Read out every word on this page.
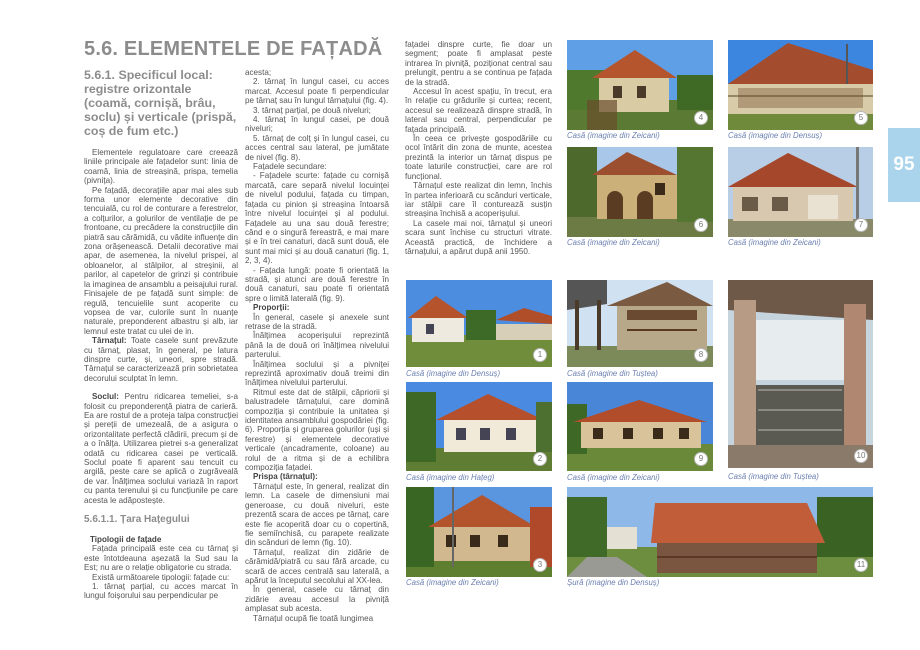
95
5.6. ELEMENTELE DE FAȚADĂ
5.6.1. Specificul local: registre orizontale (coamă, cornișă, brâu, soclu) și verticale (prispă, coș de fum etc.)

Elementele regulatoare care creează liniile principale ale fațadelor sunt: linia de coamă, linia de streașină, prispa, temelia (pivnița).

Pe fațadă, decorațiile apar mai ales sub forma unor elemente decorative din tencuială, cu rol de conturare a ferestrelor, a colțurilor, a golurilor de ventilație de pe frontoane, cu precădere la construcțiile din piatră sau cărămidă, cu vădite influențe din zona orășenească. Detalii decorative mai apar, de asemenea, la nivelul prispei, al obloanelor, al stâlpilor, al streșinii, al parilor, al capetelor de grinzi și contribuie la imaginea de ansamblu a peisajului rural. Finisajele de pe fațadă sunt simple: de regulă, tencuielile sunt acoperite cu vopsea de var, culorile sunt în nuanțe naturale, preponderent albastru și alb, iar lemnul este tratat cu ulei de in.

Târnațul: Toate casele sunt prevăzute cu târnaț, plasat, în general, pe latura dinspre curte, și, uneori, spre stradă. Târnațul se caracterizează prin sobrietatea decorului sculptat în lemn.

Soclul: Pentru ridicarea temeliei, s-a folosit cu preponderență piatra de carieră. Ea are rostul de a proteja talpa construcției și pereții de umezeală, de a asigura o orizontalitate perfectă clădirii, precum și de a o înălța. Utilizarea pietrei s-a generalizat odată cu ridicarea casei pe verticală. Soclul poate fi aparent sau tencuit cu argilă, peste care se aplică o zugrăveală de var. Înălțimea soclului variază în raport cu panta terenului și cu funcțiunile pe care acesta le adăpostește.

5.6.1.1. Țara Hațegului

Tipologii de fațade

Fațada principală este cea cu târnaț și este întotdeauna așezată la Sud sau la Est; nu are o relație obligatorie cu strada.

Există următoarele tipologii: fațade cu:

1. târnaț parțial, cu acces marcat în lungul foișorului sau perpendicular pe

acesta;

2. târnaț în lungul casei, cu acces marcat. Accesul poate fi perpendicular pe târnaț sau în lungul târnațului (fig. 4).

3. târnaț parțial, pe două niveluri;

4. târnaț în lungul casei, pe două niveluri;

5. târnaț de colț și în lungul casei, cu acces central sau lateral, pe jumătate de nivel (fig. 8).

Fațadele secundare:

- Fațadele scurte: fațade cu cornișă marcată, care separă nivelul locuinței de nivelul podului, fațada cu timpan, fațada cu pinion și streașina întoarsă între nivelul locuinței și al podului. Fațadele au una sau două ferestre; când e o singură fereastră, e mai mare și e în trei canaturi, dacă sunt două, ele sunt mai mici și au două canaturi (fig. 1, 2, 3, 4).

- Fațada lungă: poate fi orientată la stradă, și atunci are două ferestre în două canaturi, sau poate fi orientată spre o limită laterală (fig. 9).

Proporții:

În general, casele și anexele sunt retrase de la stradă.

Înălțimea acoperișului reprezintă până la de două ori înălțimea nivelului parterului.

Înălțimea soclului și a pivniței reprezintă aproximativ două treimi din înălțimea nivelului parterului.

Ritmul este dat de stâlpii, căpriorii și balustradele târnațului, care domină compoziția și contribuie la unitatea și identitatea ansamblului gospodăriei (fig. 6). Proporția și gruparea golurilor (uși și ferestre) și elementele decorative verticale (ancadramente, coloane) au rolul de a ritma și de a echilibra compoziția fațadei.

Prispa (târnațul):

Târnațul este, în general, realizat din lemn. La casele de dimensiuni mai generoase, cu două niveluri, este prezentă scara de acces pe târnaț, care este fie acoperită doar cu o copertină, fie semiînchisă, cu parapete realizate din scânduri de lemn (fig. 10).

Târnațul, realizat din zidărie de cărămidă/piatră cu sau fără arcade, cu scară de acces centrală sau laterală, a apărut la începutul secolului al XX-lea.

În general, casele cu târnaț din zidărie aveau accesul la pivniță amplasat sub acesta.

Târnațul ocupă fie toată lungimea

fațadei dinspre curte, fie doar un segment; poate fi amplasat peste intrarea în pivniță, poziționat central sau prelungit, pentru a se continua pe fațada de la stradă.

Accesul în acest spațiu, în trecut, era în relație cu grădurile și curtea; recent, accesul se realizează dinspre stradă, în lateral sau central, perpendicular pe fațada principală.

În ceea ce privește gospodăriile cu ocol întărit din zona de munte, acestea prezintă la interior un târnaț dispus pe toate laturile construcției, care are rol funcțional.

Târnațul este realizat din lemn, închis în partea inferioară cu scânduri verticale, iar stâlpii care îl conturează susțin streașina închisă a acoperișului.

La casele mai noi, târnațul și uneori scara sunt închise cu structuri vitrate. Această practică, de închidere a târnațului, a apărut după anii 1950.

4
Casă (imagine din Zeicani)
5
Casă (imagine din Densuș)
6
Casă (imagine din Zeicani)
7
Casă (imagine din Zeicani)
1
Casă (imagine din Densuș)
8
Casă (imagine din Tuștea)
10
Casă (imagine din Tuștea)
2
Casă (imagine din Hațeg)
9
Casă (imagine din Zeicani)
3
Casă (imagine din Zeicani)
11
Șură (imagine din Densuș)
